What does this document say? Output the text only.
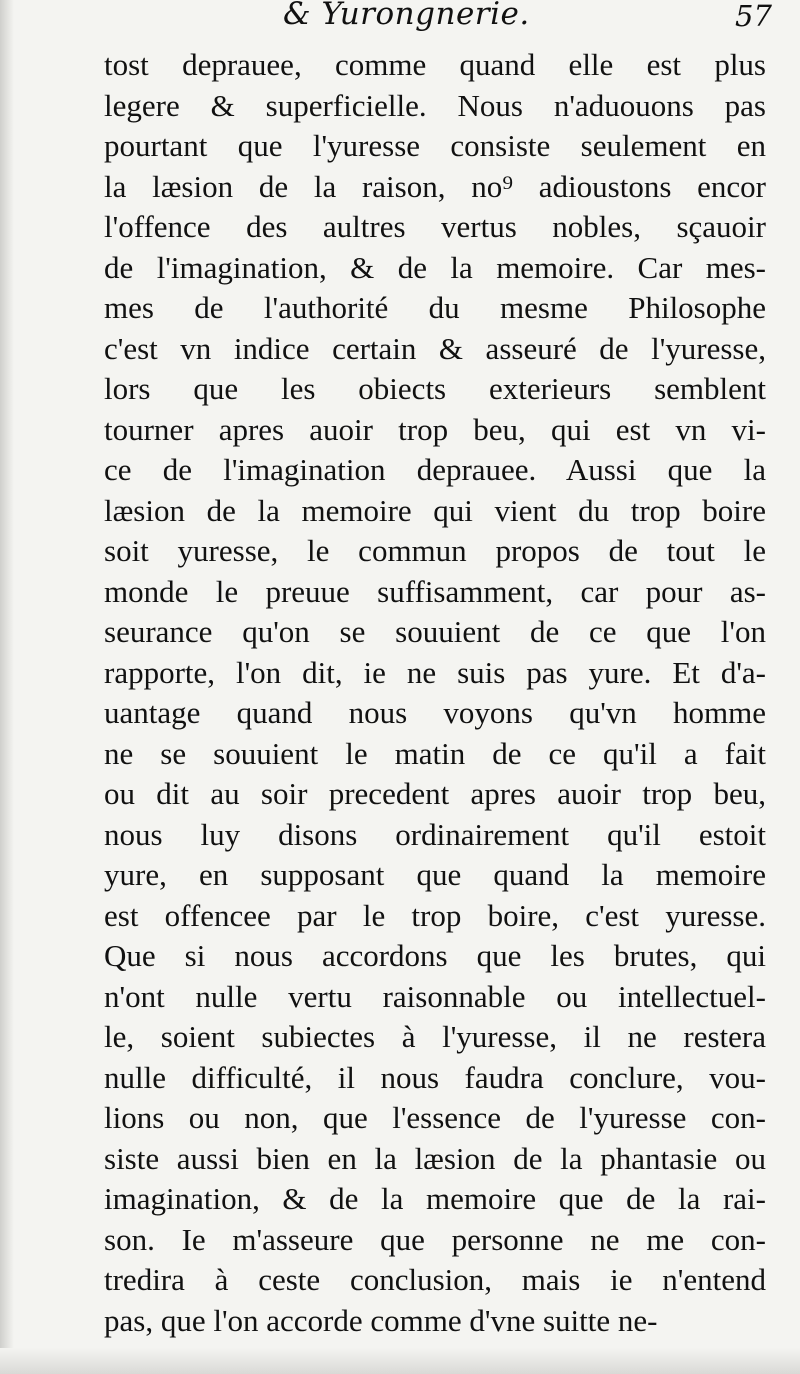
& Yurongnerie.	57
tost deprauee, comme quand elle est plus
legere & superficielle. Nous n'aduouons pas
pourtant que l'yuresse consiste seulement en
la læsion de la raison, no⁹ adioustons encor
l'offence des aultres vertus nobles, sçauoir
de l'imagination, & de la memoire. Car mes-
mes de l'authorité du mesme Philosophe
c'est vn indice certain & asseuré de l'yuresse,
lors que les obiects exterieurs semblent
tourner apres auoir trop beu, qui est vn vi-
ce de l'imagination deprauee. Aussi que la
læsion de la memoire qui vient du trop boire
soit yuresse, le commun propos de tout le
monde le preuue suffisamment, car pour as-
seurance qu'on se souuient de ce que l'on
rapporte, l'on dit, ie ne suis pas yure. Et d'a-
uantage quand nous voyons qu'vn homme
ne se souuient le matin de ce qu'il a fait
ou dit au soir precedent apres auoir trop beu,
nous luy disons ordinairement qu'il estoit
yure, en supposant que quand la memoire
est offencee par le trop boire, c'est yuresse.
Que si nous accordons que les brutes, qui
n'ont nulle vertu raisonnable ou intellectuel-
le, soient subiectes à l'yuresse, il ne restera
nulle difficulté, il nous faudra conclure, vou-
lions ou non, que l'essence de l'yuresse con-
siste aussi bien en la læsion de la phantasie ou
imagination, & de la memoire que de la rai-
son. Ie m'asseure que personne ne me con-
tredira à ceste conclusion, mais ie n'entend
pas, que l'on accorde comme d'vne suitte ne-
